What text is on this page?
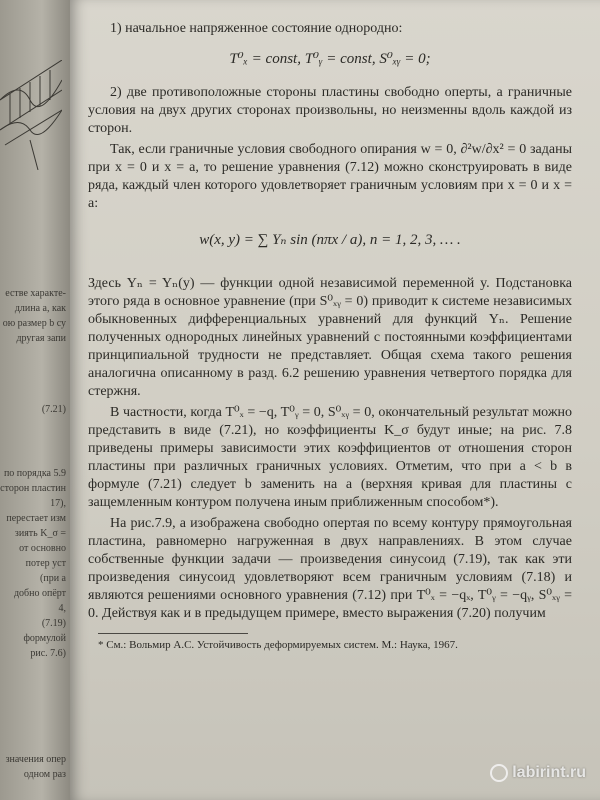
естве характе-
длина a, как
ою размер b су
другая запи
(7.21)
по порядка 5.9
сторон пластин
17),
перестает изм
зиять K_σ =
от основно
потер уст
(при a
добно опёрт
4,
(7.19)
формулой
рис. 7.6)
значения опер
одном раз

1) начальное напряженное состояние однородно:

T⁰ₓ = const, T⁰ᵧ = const, S⁰ₓᵧ = 0;

2) две противоположные стороны пластины свободно оперты, а граничные условия на двух других сторонах произвольны, но неизменны вдоль каждой из сторон.

Так, если граничные условия свободного опирания w = 0, ∂²w/∂x² = 0 заданы при x = 0 и x = a, то решение уравнения (7.12) можно сконструировать в виде ряда, каждый член которого удовлетворяет граничным условиям при x = 0 и x = a:

w(x, y) = ∑ Yₙ sin (nπx / a), n = 1, 2, 3, … .

Здесь Yₙ = Yₙ(y) — функции одной независимой переменной y. Подстановка этого ряда в основное уравнение (при S⁰ₓᵧ = 0) приводит к системе независимых обыкновенных дифференциальных уравнений для функций Yₙ. Решение полученных однородных линейных уравнений с постоянными коэффициентами принципиальной трудности не представляет. Общая схема такого решения аналогична описанному в разд. 6.2 решению уравнения четвертого порядка для стержня.

В частности, когда T⁰ₓ = −q, T⁰ᵧ = 0, S⁰ₓᵧ = 0, окончательный результат можно представить в виде (7.21), но коэффициенты K_σ будут иные; на рис. 7.8 приведены примеры зависимости этих коэффициентов от отношения сторон пластины при различных граничных условиях. Отметим, что при a < b в формуле (7.21) следует b заменить на a (верхняя кривая для пластины с защемленным контуром получена иным приближенным способом*).

На рис.7.9, a изображена свободно опертая по всему контуру прямоугольная пластина, равномерно нагруженная в двух направлениях. В этом случае собственные функции задачи — произведения синусоид (7.19), так как эти произведения синусоид удовлетворяют всем граничным условиям (7.18) и являются решениями основного уравнения (7.12) при T⁰ₓ = −qₓ, T⁰ᵧ = −qᵧ, S⁰ₓᵧ = 0. Действуя как и в предыдущем примере, вместо выражения (7.20) получим

* См.: Вольмир А.С. Устойчивость деформируемых систем. М.: Наука, 1967.

labirint.ru
